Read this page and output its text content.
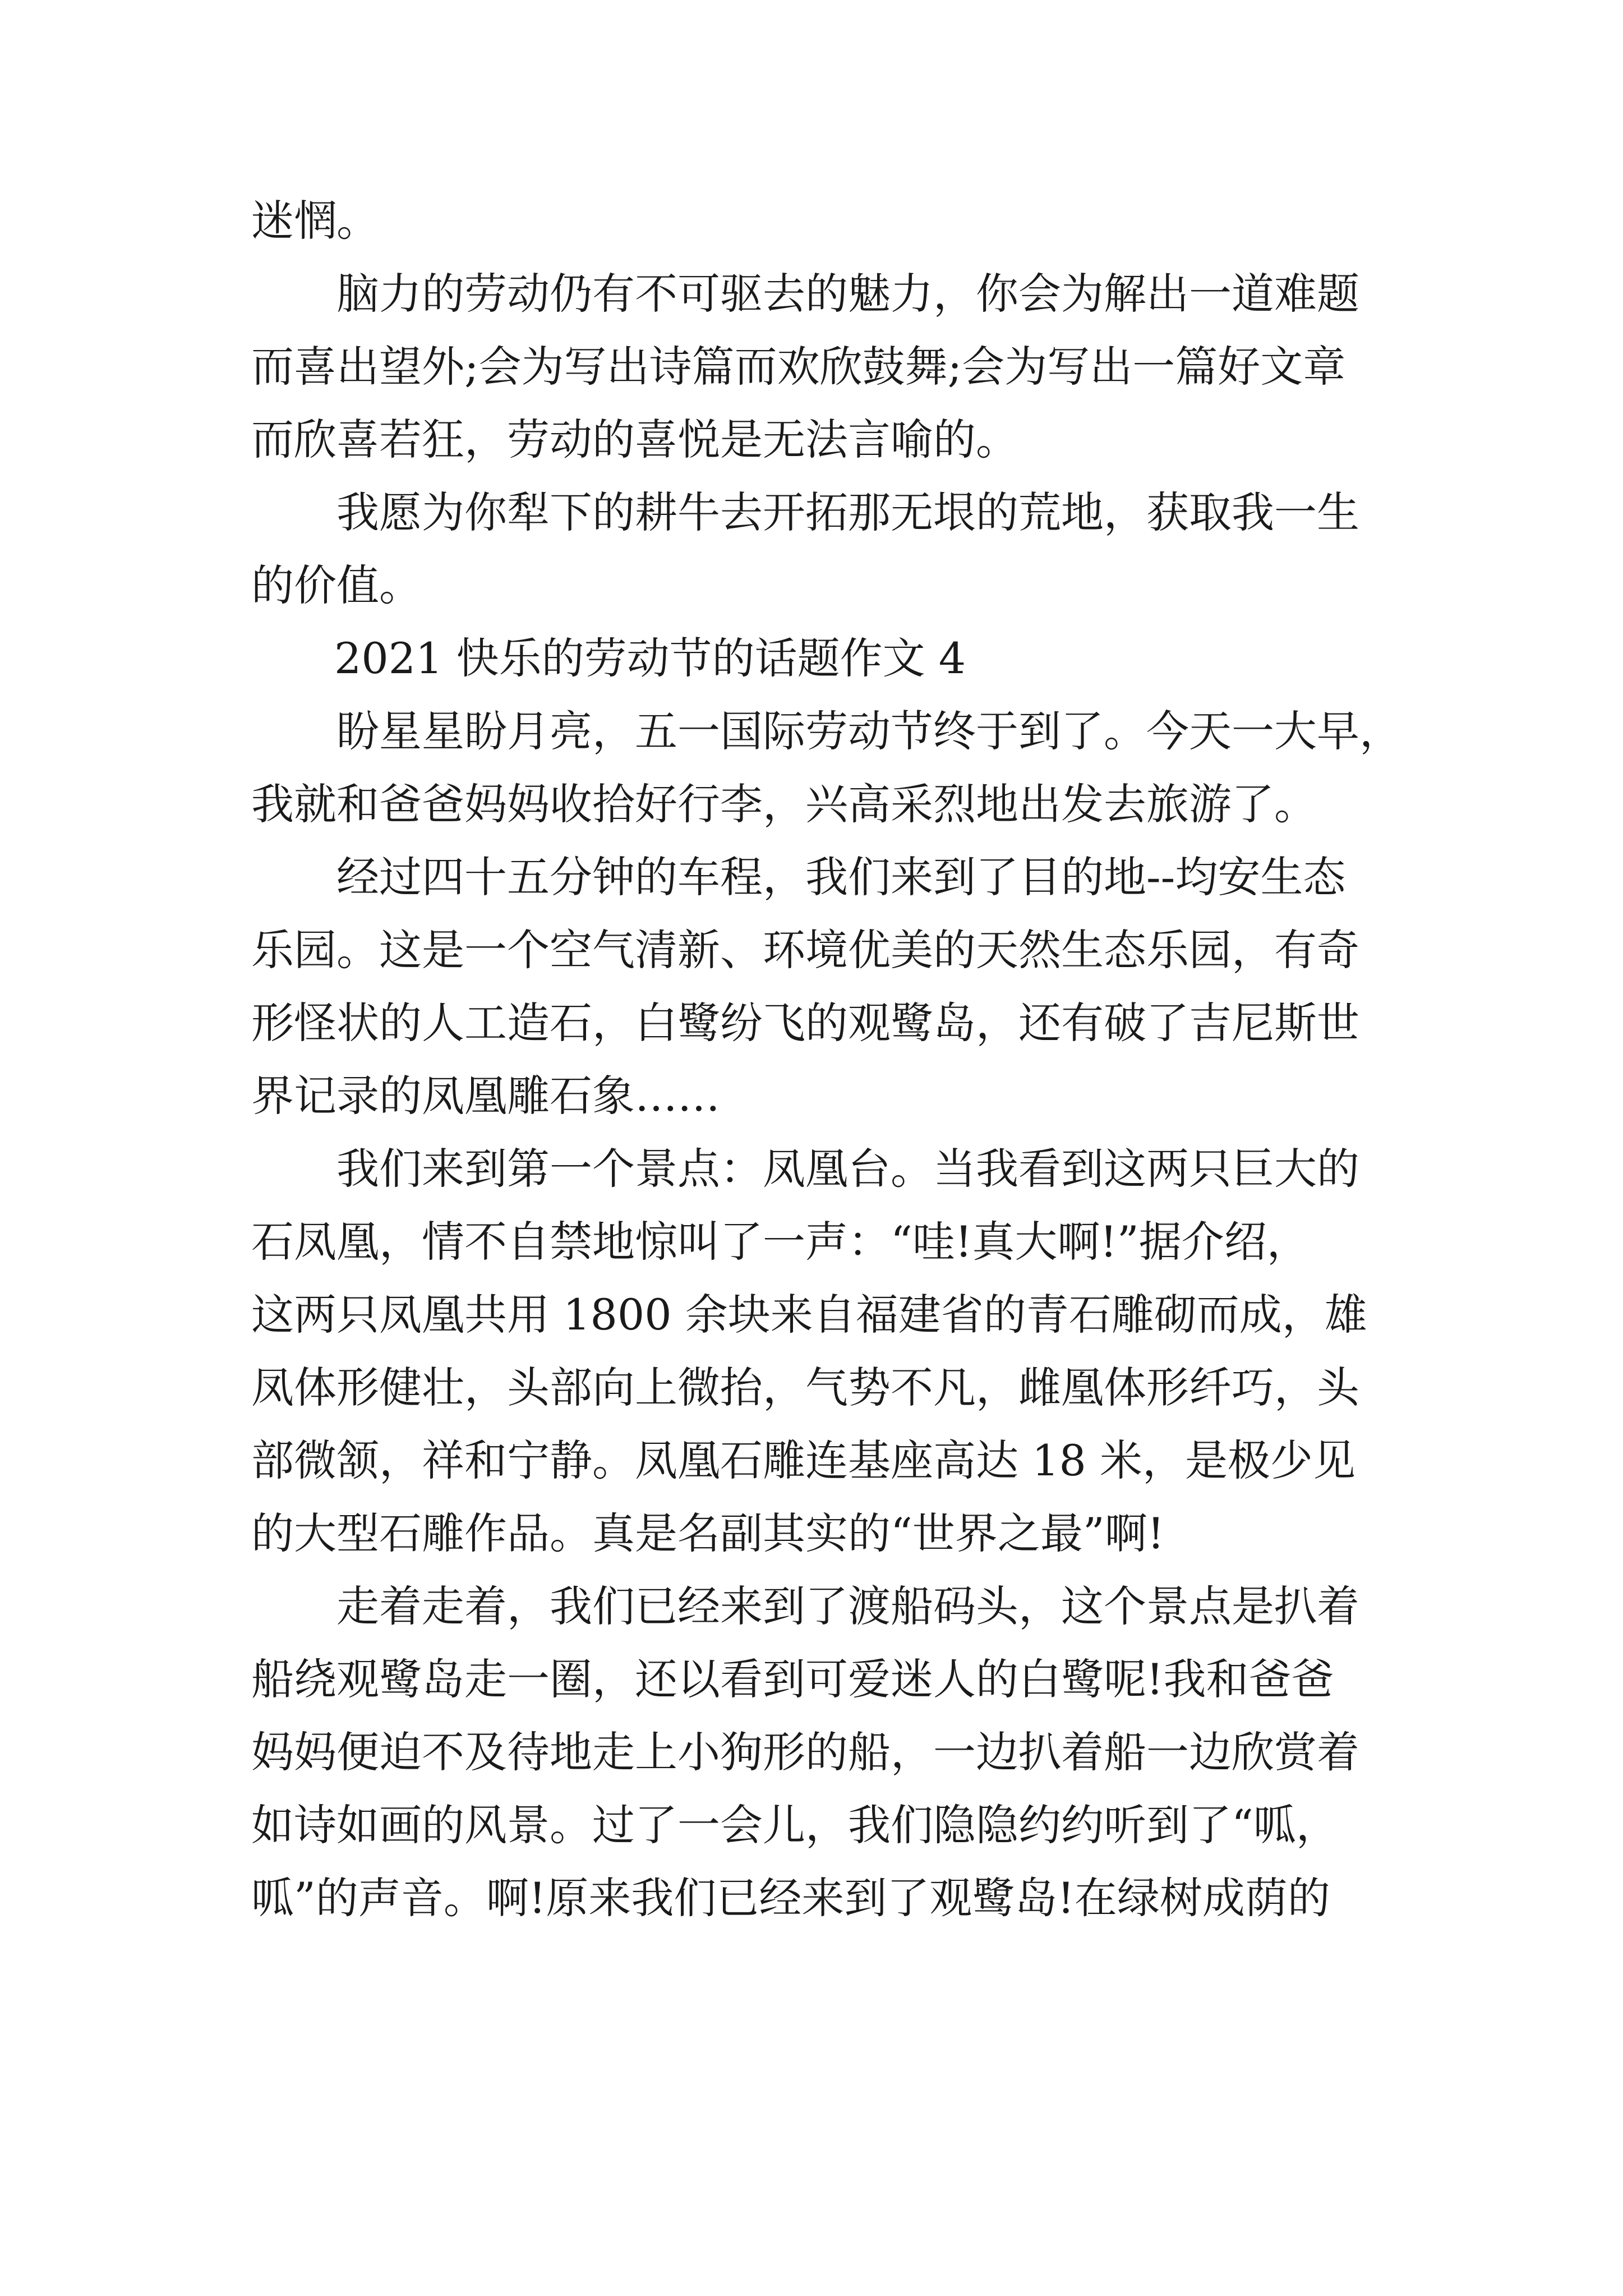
迷惘。
脑力的劳动仍有不可驱去的魅力，你会为解出一道难题
而喜出望外;会为写出诗篇而欢欣鼓舞;会为写出一篇好文章
而欣喜若狂，劳动的喜悦是无法言喻的。
我愿为你犁下的耕牛去开拓那无垠的荒地，获取我一生
的价值。
2021 快乐的劳动节的话题作文 4
盼星星盼月亮，五一国际劳动节终于到了。今天一大早，
我就和爸爸妈妈收拾好行李，兴高采烈地出发去旅游了。
经过四十五分钟的车程，我们来到了目的地--均安生态
乐园。这是一个空气清新、环境优美的天然生态乐园，有奇
形怪状的人工造石，白鹭纷飞的观鹭岛，还有破了吉尼斯世
界记录的凤凰雕石象……
我们来到第一个景点：凤凰台。当我看到这两只巨大的
石凤凰，情不自禁地惊叫了一声：“哇!真大啊!”据介绍，
这两只凤凰共用 1800 余块来自福建省的青石雕砌而成，雄
凤体形健壮，头部向上微抬，气势不凡，雌凰体形纤巧，头
部微颔，祥和宁静。凤凰石雕连基座高达 18 米，是极少见
的大型石雕作品。真是名副其实的“世界之最”啊!
走着走着，我们已经来到了渡船码头，这个景点是扒着
船绕观鹭岛走一圈，还以看到可爱迷人的白鹭呢!我和爸爸
妈妈便迫不及待地走上小狗形的船，一边扒着船一边欣赏着
如诗如画的风景。过了一会儿，我们隐隐约约听到了“呱，
呱”的声音。啊!原来我们已经来到了观鹭岛!在绿树成荫的
